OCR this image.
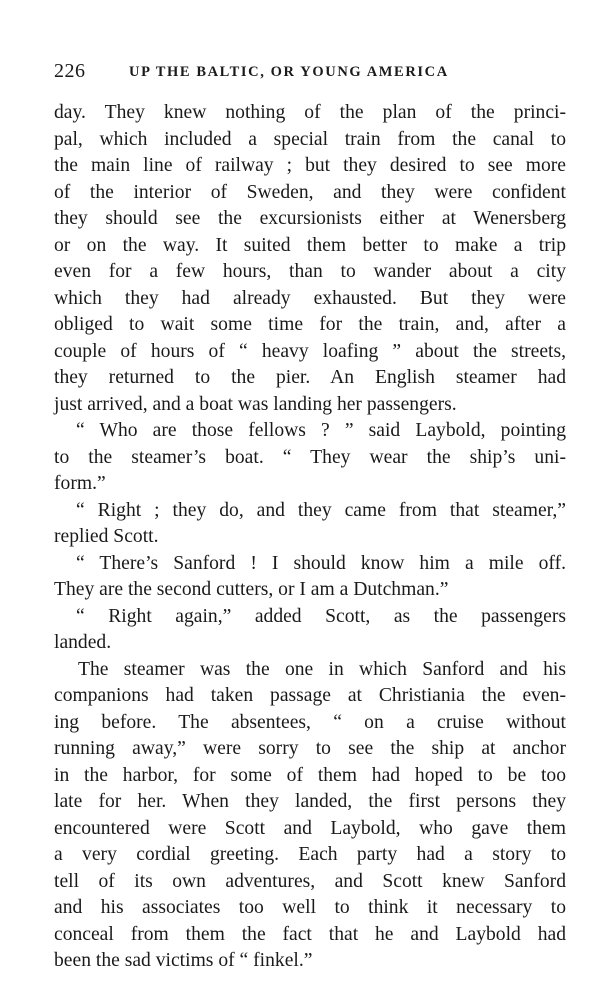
226	UP THE BALTIC, OR YOUNG AMERICA
day. They knew nothing of the plan of the princi-
pal, which included a special train from the canal to
the main line of railway ; but they desired to see more
of the interior of Sweden, and they were confident
they should see the excursionists either at Wenersberg
or on the way. It suited them better to make a trip
even for a few hours, than to wander about a city
which they had already exhausted. But they were
obliged to wait some time for the train, and, after a
couple of hours of “ heavy loafing ” about the streets,
they returned to the pier. An English steamer had
just arrived, and a boat was landing her passengers.
“ Who are those fellows ? ” said Laybold, pointing
to the steamer’s boat. “ They wear the ship’s uni-
form.”
“ Right ; they do, and they came from that steamer,”
replied Scott.
“ There’s Sanford ! I should know him a mile off.
They are the second cutters, or I am a Dutchman.”
“ Right again,” added Scott, as the passengers
landed.
The steamer was the one in which Sanford and his
companions had taken passage at Christiania the even-
ing before. The absentees, “ on a cruise without
running away,” were sorry to see the ship at anchor
in the harbor, for some of them had hoped to be too
late for her. When they landed, the first persons they
encountered were Scott and Laybold, who gave them
a very cordial greeting. Each party had a story to
tell of its own adventures, and Scott knew Sanford
and his associates too well to think it necessary to
conceal from them the fact that he and Laybold had
been the sad victims of “ finkel.”
